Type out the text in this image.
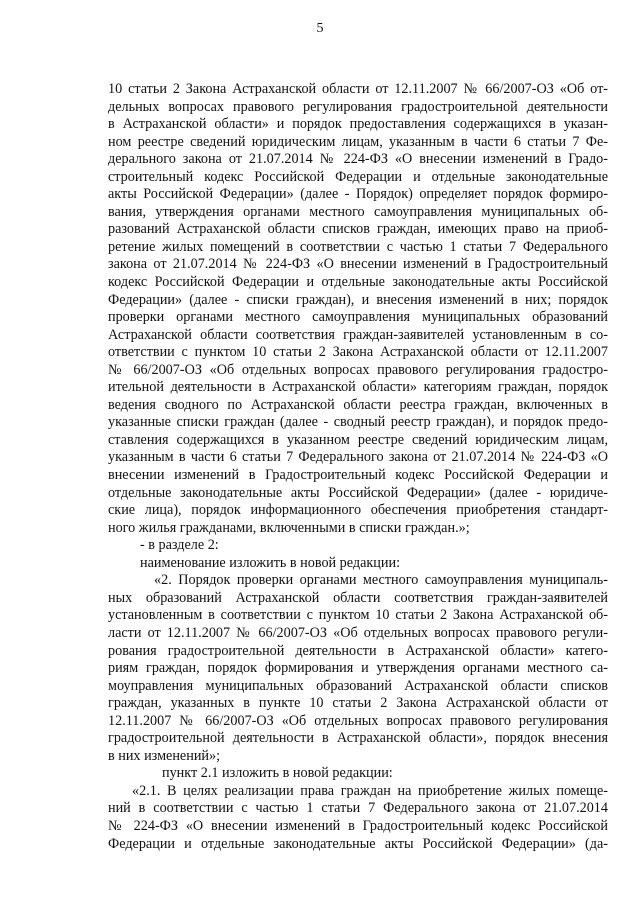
5
10 статьи 2 Закона Астраханской области от 12.11.2007 № 66/2007-ОЗ «Об от-
дельных вопросах правового регулирования градостроительной деятельности
в Астраханской области» и порядок предоставления содержащихся в указан-
ном реестре сведений юридическим лицам, указанным в части 6 статьи 7 Фе-
дерального закона от 21.07.2014 № 224-ФЗ «О внесении изменений в Градо-
строительный кодекс Российской Федерации и отдельные законодательные
акты Российской Федерации» (далее - Порядок) определяет порядок формиро-
вания, утверждения органами местного самоуправления муниципальных об-
разований Астраханской области списков граждан, имеющих право на приоб-
ретение жилых помещений в соответствии с частью 1 статьи 7 Федерального
закона от 21.07.2014 № 224-ФЗ «О внесении изменений в Градостроительный
кодекс Российской Федерации и отдельные законодательные акты Российской
Федерации» (далее - списки граждан), и внесения изменений в них; порядок
проверки органами местного самоуправления муниципальных образований
Астраханской области соответствия граждан-заявителей установленным в со-
ответствии с пунктом 10 статьи 2 Закона Астраханской области от 12.11.2007
№ 66/2007-ОЗ «Об отдельных вопросах правового регулирования градостро-
ительной деятельности в Астраханской области» категориям граждан, порядок
ведения сводного по Астраханской области реестра граждан, включенных в
указанные списки граждан (далее - сводный реестр граждан), и порядок предо-
ставления содержащихся в указанном реестре сведений юридическим лицам,
указанным в части 6 статьи 7 Федерального закона от 21.07.2014 № 224-ФЗ «О
внесении изменений в Градостроительный кодекс Российской Федерации и
отдельные законодательные акты Российской Федерации» (далее - юридиче-
ские лица), порядок информационного обеспечения приобретения стандарт-
ного жилья гражданами, включенными в списки граждан.»;
- в разделе 2:
наименование изложить в новой редакции:
«2. Порядок проверки органами местного самоуправления муниципаль-
ных образований Астраханской области соответствия граждан-заявителей
установленным в соответствии с пунктом 10 статьи 2 Закона Астраханской об-
ласти от 12.11.2007 № 66/2007-ОЗ «Об отдельных вопросах правового регули-
рования градостроительной деятельности в Астраханской области» катего-
риям граждан, порядок формирования и утверждения органами местного са-
моуправления муниципальных образований Астраханской области списков
граждан, указанных в пункте 10 статьи 2 Закона Астраханской области от
12.11.2007 № 66/2007-ОЗ «Об отдельных вопросах правового регулирования
градостроительной деятельности в Астраханской области», порядок внесения
в них изменений»;
пункт 2.1 изложить в новой редакции:
«2.1. В целях реализации права граждан на приобретение жилых помеще-
ний в соответствии с частью 1 статьи 7 Федерального закона от 21.07.2014
№ 224-ФЗ «О внесении изменений в Градостроительный кодекс Российской
Федерации и отдельные законодательные акты Российской Федерации» (да-
